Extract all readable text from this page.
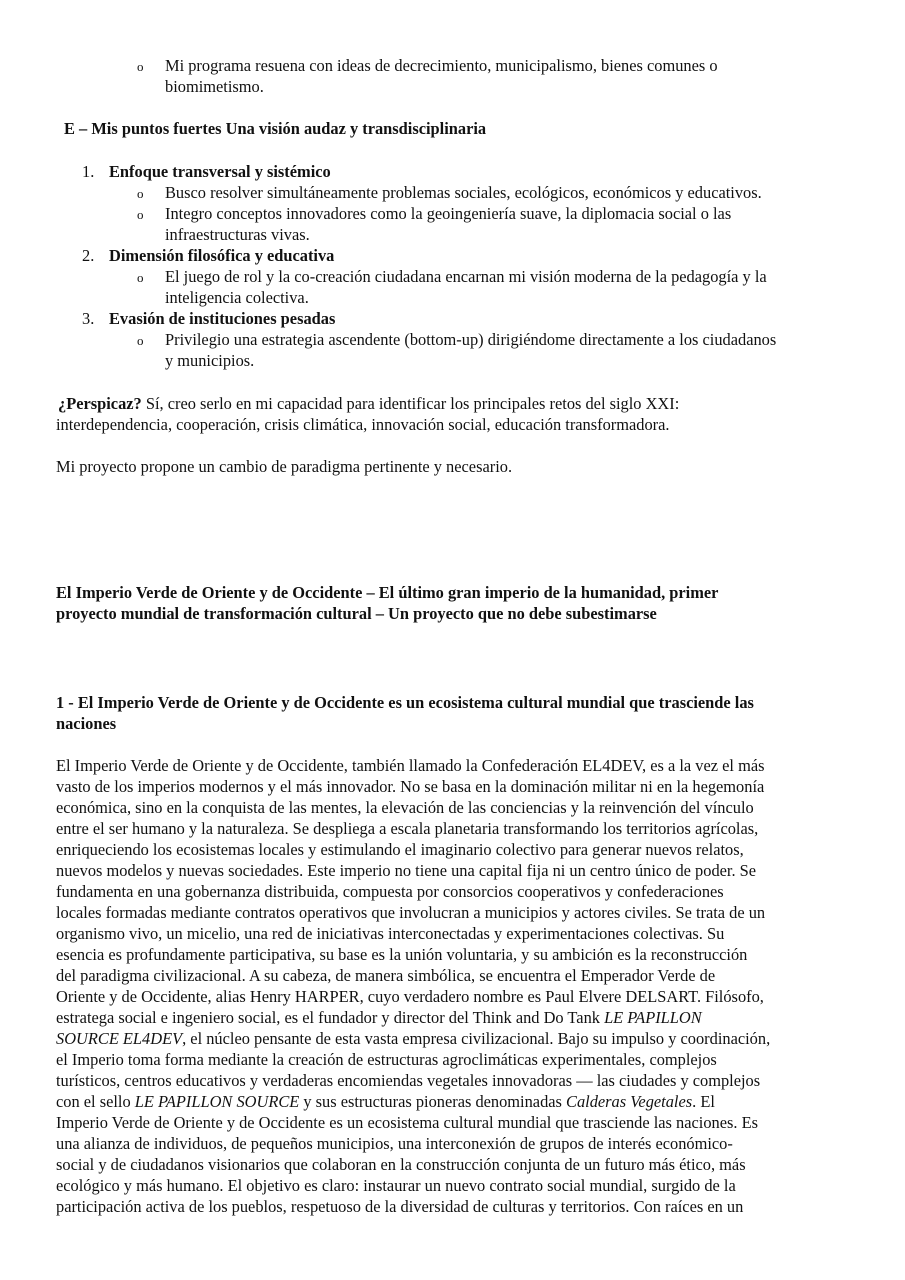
o Mi programa resuena con ideas de decrecimiento, municipalismo, bienes comunes o
biomimetismo.
E – Mis puntos fuertes Una visión audaz y transdisciplinaria
1. Enfoque transversal y sistémico
o Busco resolver simultáneamente problemas sociales, ecológicos, económicos y educativos.
o Integro conceptos innovadores como la geoingeniería suave, la diplomacia social o las
infraestructuras vivas.
2. Dimensión filosófica y educativa
o El juego de rol y la co-creación ciudadana encarnan mi visión moderna de la pedagogía y la
inteligencia colectiva.
3. Evasión de instituciones pesadas
o Privilegio una estrategia ascendente (bottom-up) dirigiéndome directamente a los ciudadanos
y municipios.
¿Perspicaz? Sí, creo serlo en mi capacidad para identificar los principales retos del siglo XXI:
interdependencia, cooperación, crisis climática, innovación social, educación transformadora.
Mi proyecto propone un cambio de paradigma pertinente y necesario.
El Imperio Verde de Oriente y de Occidente – El último gran imperio de la humanidad, primer
proyecto mundial de transformación cultural – Un proyecto que no debe subestimarse
1 - El Imperio Verde de Oriente y de Occidente es un ecosistema cultural mundial que trasciende las
naciones

El Imperio Verde de Oriente y de Occidente, también llamado la Confederación EL4DEV, es a la vez el más

vasto de los imperios modernos y el más innovador. No se basa en la dominación militar ni en la hegemonía

económica, sino en la conquista de las mentes, la elevación de las conciencias y la reinvención del vínculo

entre el ser humano y la naturaleza. Se despliega a escala planetaria transformando los territorios agrícolas,

enriqueciendo los ecosistemas locales y estimulando el imaginario colectivo para generar nuevos relatos,

nuevos modelos y nuevas sociedades. Este imperio no tiene una capital fija ni un centro único de poder. Se

fundamenta en una gobernanza distribuida, compuesta por consorcios cooperativos y confederaciones

locales formadas mediante contratos operativos que involucran a municipios y actores civiles. Se trata de un

organismo vivo, un micelio, una red de iniciativas interconectadas y experimentaciones colectivas. Su

esencia es profundamente participativa, su base es la unión voluntaria, y su ambición es la reconstrucción

del paradigma civilizacional. A su cabeza, de manera simbólica, se encuentra el Emperador Verde de

Oriente y de Occidente, alias Henry HARPER, cuyo verdadero nombre es Paul Elvere DELSART. Filósofo,

estratega social e ingeniero social, es el fundador y director del Think and Do Tank LE PAPILLON

SOURCE EL4DEV, el núcleo pensante de esta vasta empresa civilizacional. Bajo su impulso y coordinación,

el Imperio toma forma mediante la creación de estructuras agroclimáticas experimentales, complejos

turísticos, centros educativos y verdaderas encomiendas vegetales innovadoras — las ciudades y complejos

con el sello LE PAPILLON SOURCE y sus estructuras pioneras denominadas Calderas Vegetales. El

Imperio Verde de Oriente y de Occidente es un ecosistema cultural mundial que trasciende las naciones. Es

una alianza de individuos, de pequeños municipios, una interconexión de grupos de interés económico-

social y de ciudadanos visionarios que colaboran en la construcción conjunta de un futuro más ético, más

ecológico y más humano. El objetivo es claro: instaurar un nuevo contrato social mundial, surgido de la

participación activa de los pueblos, respetuoso de la diversidad de culturas y territorios. Con raíces en un
